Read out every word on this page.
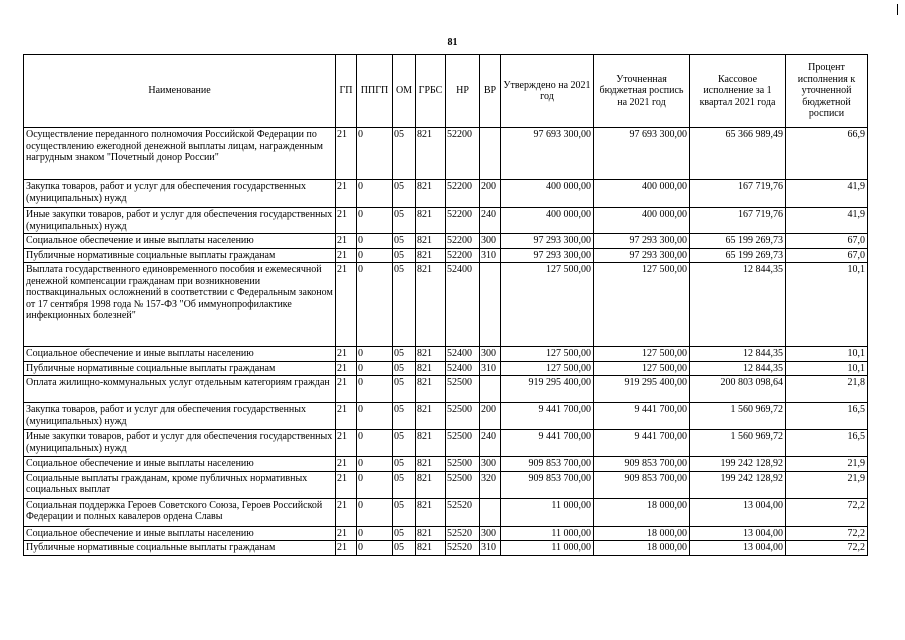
81
Наименование	ГП	ППГП	ОМ	ГРБС	НР	ВР	Утверждено на 2021 год	Уточненная бюджетная роспись на 2021 год	Кассовое исполнение за 1 квартал 2021 года	Процент исполнения к уточненной бюджетной росписи
Осуществление переданного полномочия Российской Федерации по осуществлению ежегодной денежной выплаты лицам, награжденным нагрудным знаком "Почетный донор России"	21	0	05	821	52200		97 693 300,00	97 693 300,00	65 366 989,49	66,9
Закупка товаров, работ и услуг для обеспечения государственных (муниципальных) нужд	21	0	05	821	52200	200	400 000,00	400 000,00	167 719,76	41,9
Иные закупки товаров, работ и услуг для обеспечения государственных (муниципальных) нужд	21	0	05	821	52200	240	400 000,00	400 000,00	167 719,76	41,9
Социальное обеспечение и иные выплаты населению	21	0	05	821	52200	300	97 293 300,00	97 293 300,00	65 199 269,73	67,0
Публичные нормативные социальные выплаты гражданам	21	0	05	821	52200	310	97 293 300,00	97 293 300,00	65 199 269,73	67,0
Выплата государственного единовременного пособия и ежемесячной денежной компенсации гражданам при возникновении поствакцинальных осложнений в соответствии с Федеральным законом от 17 сентября 1998 года № 157-ФЗ "Об иммунопрофилактике инфекционных болезней"	21	0	05	821	52400		127 500,00	127 500,00	12 844,35	10,1
Социальное обеспечение и иные выплаты населению	21	0	05	821	52400	300	127 500,00	127 500,00	12 844,35	10,1
Публичные нормативные социальные выплаты гражданам	21	0	05	821	52400	310	127 500,00	127 500,00	12 844,35	10,1
Оплата жилищно-коммунальных услуг отдельным категориям граждан	21	0	05	821	52500		919 295 400,00	919 295 400,00	200 803 098,64	21,8
Закупка товаров, работ и услуг для обеспечения государственных (муниципальных) нужд	21	0	05	821	52500	200	9 441 700,00	9 441 700,00	1 560 969,72	16,5
Иные закупки товаров, работ и услуг для обеспечения государственных (муниципальных) нужд	21	0	05	821	52500	240	9 441 700,00	9 441 700,00	1 560 969,72	16,5
Социальное обеспечение и иные выплаты населению	21	0	05	821	52500	300	909 853 700,00	909 853 700,00	199 242 128,92	21,9
Социальные выплаты гражданам, кроме публичных нормативных социальных выплат	21	0	05	821	52500	320	909 853 700,00	909 853 700,00	199 242 128,92	21,9
Социальная поддержка Героев Советского Союза, Героев Российской Федерации и полных кавалеров ордена Славы	21	0	05	821	52520		11 000,00	18 000,00	13 004,00	72,2
Социальное обеспечение и иные выплаты населению	21	0	05	821	52520	300	11 000,00	18 000,00	13 004,00	72,2
Публичные нормативные социальные выплаты гражданам	21	0	05	821	52520	310	11 000,00	18 000,00	13 004,00	72,2
